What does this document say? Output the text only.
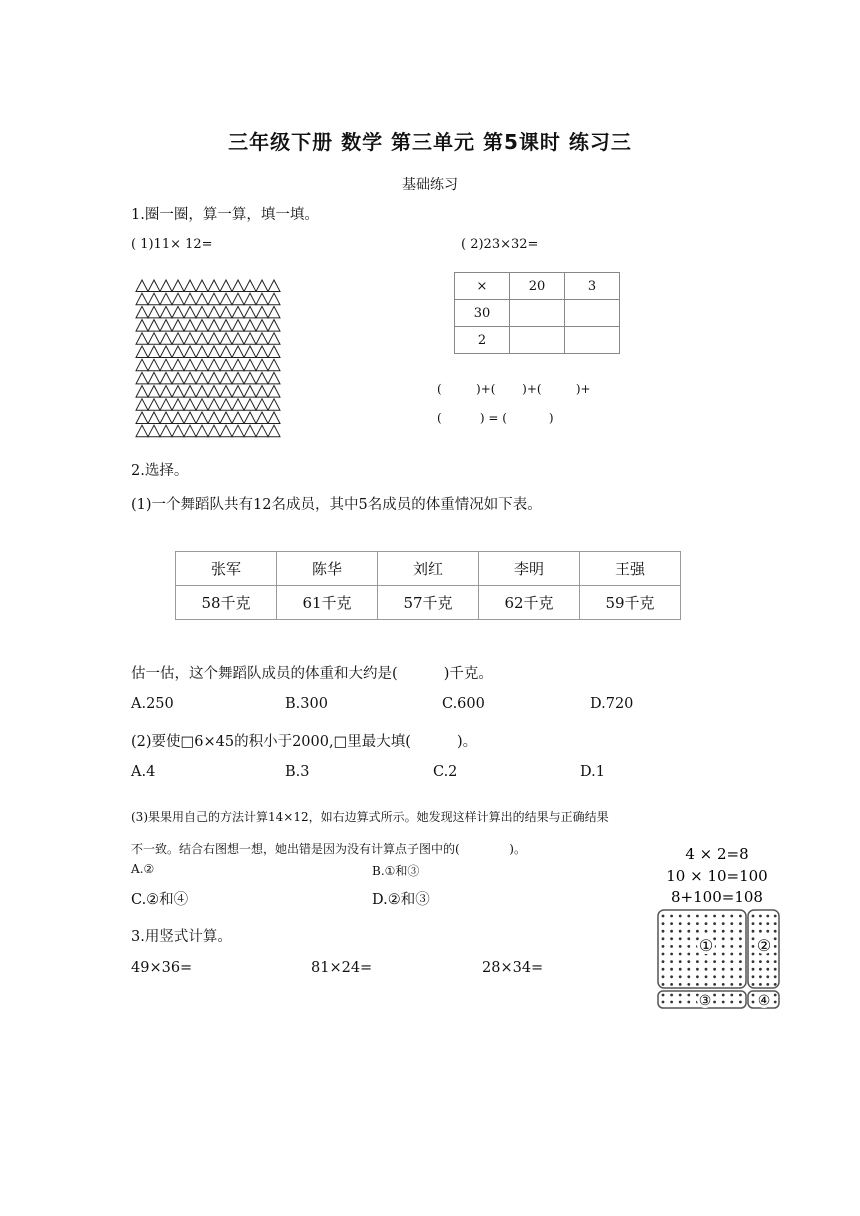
三年级下册 数学 第三单元 第5课时 练习三
基础练习
1.圈一圈，算一算，填一填。
( 1)11× 12=	( 2)23×32=
×	20	3
30		
2		
(         )+(       )+(         )+
(          ) = (           )
2.选择。
(1)一个舞蹈队共有12名成员，其中5名成员的体重情况如下表。
张军	陈华	刘红	李明	王强
58千克	61千克	57千克	62千克	59千克
估一估，这个舞蹈队成员的体重和大约是(          )千克。
A.250	B.300	C.600	D.720
(2)要使□6×45的积小于2000,□里最大填(          )。
A.4	B.3	C.2	D.1
(3)果果用自己的方法计算14×12，如右边算式所示。她发现这样计算出的结果与正确结果
不一致。结合右图想一想，她出错是因为没有计算点子图中的(             )。
A.②	B.①和③
C.②和④	D.②和③
4 × 2=8
10 × 10=100
8+100=108
①	②
③	④
3.用竖式计算。
49×36=	81×24=	28×34=
